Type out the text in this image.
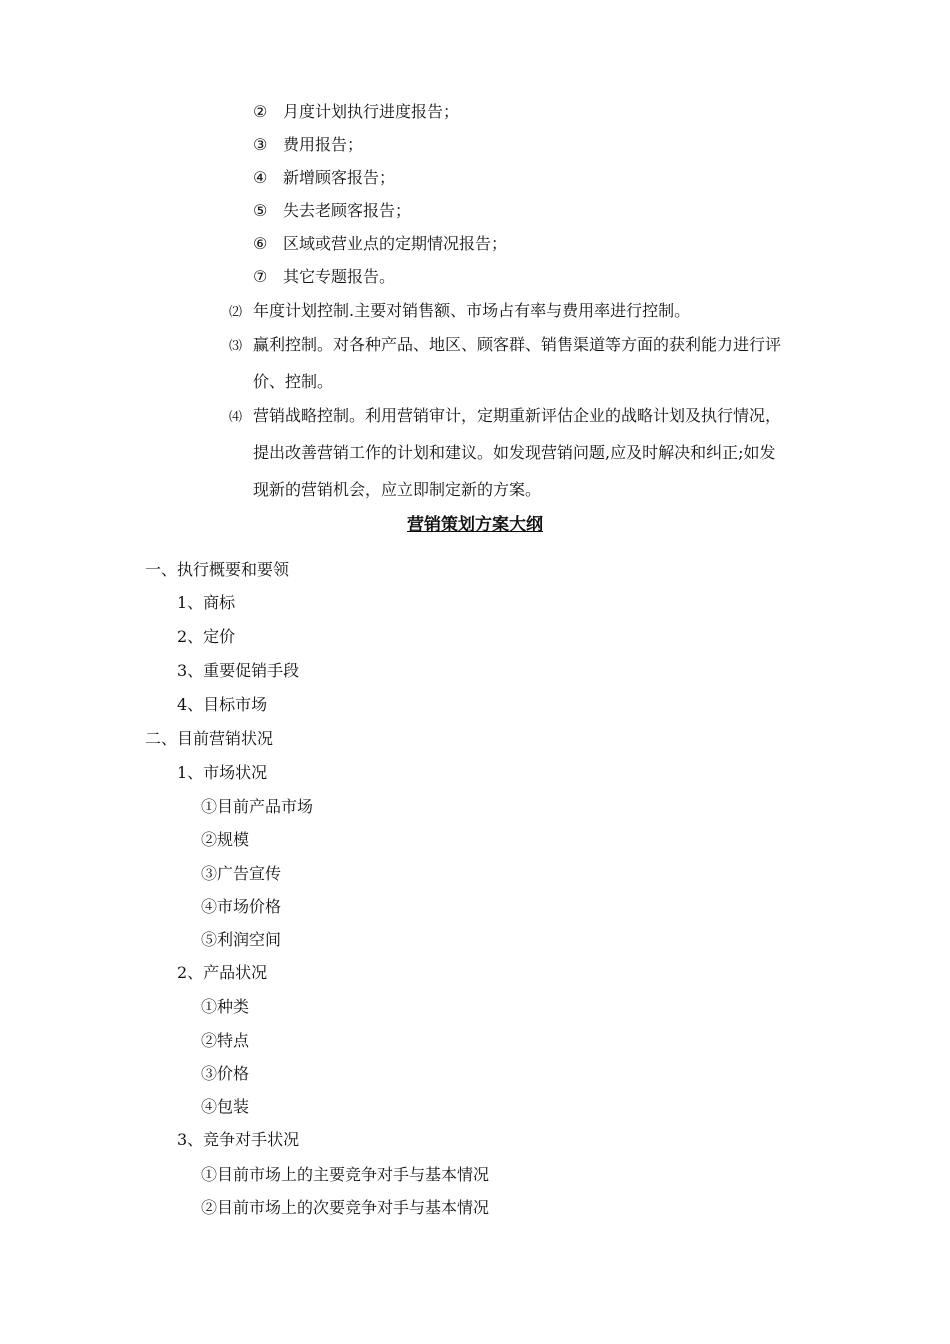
② 月度计划执行进度报告；
③ 费用报告；
④ 新增顾客报告；
⑤ 失去老顾客报告；
⑥ 区域或营业点的定期情况报告；
⑦ 其它专题报告。
⑵ 年度计划控制.主要对销售额、市场占有率与费用率进行控制。
⑶ 赢利控制。对各种产品、地区、顾客群、销售渠道等方面的获利能力进行评
价、控制。
⑷ 营销战略控制。利用营销审计，定期重新评估企业的战略计划及执行情况，
提出改善营销工作的计划和建议。如发现营销问题,应及时解决和纠正;如发
现新的营销机会，应立即制定新的方案。
营销策划方案大纲
一、执行概要和要领
1、商标
2、定价
3、重要促销手段
4、目标市场
二、目前营销状况
1、市场状况
①目前产品市场
②规模
③广告宣传
④市场价格
⑤利润空间
2、产品状况
①种类
②特点
③价格
④包装
3、竞争对手状况
①目前市场上的主要竞争对手与基本情况
②目前市场上的次要竞争对手与基本情况
